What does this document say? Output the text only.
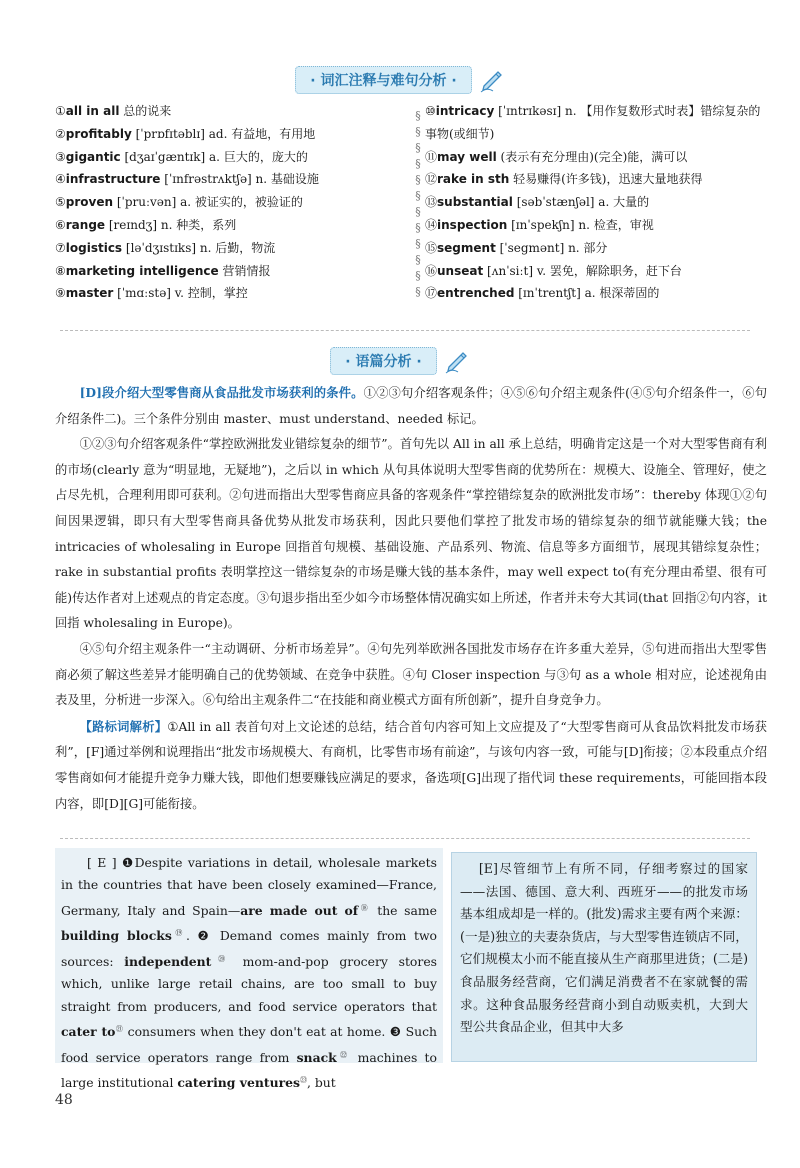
· 词汇注释与难句分析 ·
①all in all 总的说来
②profitably [ˈprɒfɪtəblɪ] ad. 有益地，有用地
③gigantic [dʒaɪˈgæntɪk] a. 巨大的，庞大的
④infrastructure [ˈɪnfrəstrʌktʃə] n. 基础设施
⑤proven [ˈpruːvən] a. 被证实的，被验证的
⑥range [reɪndʒ] n. 种类，系列
⑦logistics [ləˈdʒɪstɪks] n. 后勤，物流
⑧marketing intelligence 营销情报
⑨master [ˈmɑːstə] v. 控制，掌控
§
§
§
§
§
§
§
§
§
§
§
§
⑩intricacy [ˈɪntrɪkəsɪ] n. 【用作复数形式时表】错综复杂的事物(或细节)
⑪may well (表示有充分理由)(完全)能，满可以
⑫rake in sth 轻易赚得(许多钱)，迅速大量地获得
⑬substantial [səbˈstænʃəl] a. 大量的
⑭inspection [ɪnˈspekʃn] n. 检查，审视
⑮segment [ˈsegmənt] n. 部分
⑯unseat [ʌnˈsiːt] v. 罢免，解除职务，赶下台
⑰entrenched [ɪnˈtrentʃt] a. 根深蒂固的
· 语篇分析 ·

[D]段介绍大型零售商从食品批发市场获利的条件。①②③句介绍客观条件；④⑤⑥句介绍主观条件(④⑤句介绍条件一，⑥句介绍条件二)。三个条件分别由 master、must understand、needed 标记。

①②③句介绍客观条件“掌控欧洲批发业错综复杂的细节”。首句先以 All in all 承上总结，明确肯定这是一个对大型零售商有利的市场(clearly 意为“明显地，无疑地”)，之后以 in which 从句具体说明大型零售商的优势所在：规模大、设施全、管理好，使之占尽先机，合理利用即可获利。②句进而指出大型零售商应具备的客观条件“掌控错综复杂的欧洲批发市场”：thereby 体现①②句间因果逻辑，即只有大型零售商具备优势从批发市场获利，因此只要他们掌控了批发市场的错综复杂的细节就能赚大钱；the intricacies of wholesaling in Europe 回指首句规模、基础设施、产品系列、物流、信息等多方面细节，展现其错综复杂性；rake in substantial profits 表明掌控这一错综复杂的市场是赚大钱的基本条件，may well expect to(有充分理由希望、很有可能)传达作者对上述观点的肯定态度。③句退步指出至少如今市场整体情况确实如上所述，作者并未夸大其词(that 回指②句内容，it 回指 wholesaling in Europe)。

④⑤句介绍主观条件一“主动调研、分析市场差异”。④句先列举欧洲各国批发市场存在许多重大差异，⑤句进而指出大型零售商必须了解这些差异才能明确自己的优势领域、在竞争中获胜。④句 Closer inspection 与③句 as a whole 相对应，论述视角由表及里，分析进一步深入。⑥句给出主观条件二“在技能和商业模式方面有所创新”，提升自身竞争力。

【路标词解析】①All in all 表首句对上文论述的总结，结合首句内容可知上文应提及了“大型零售商可从食品饮料批发市场获利”，[F]通过举例和说理指出“批发市场规模大、有商机，比零售市场有前途”，与该句内容一致，可能与[D]衔接；②本段重点介绍零售商如何才能提升竞争力赚大钱，即他们想要赚钱应满足的要求，备选项[G]出现了指代词 these requirements，可能回指本段内容，即[D][G]可能衔接。

[ E ] ❶Despite variations in detail, wholesale markets in the countries that have been closely examined—France, Germany, Italy and Spain—are made out of⑱ the same building blocks⑲. ❷ Demand comes mainly from two sources: independent⑳ mom-and-pop grocery stores which, unlike large retail chains, are too small to buy straight from producers, and food service operators that cater $to^㉑$ consumers when they don't eat at home. ❸ Such food service operators range from snack$^㉒$ machines to large institutional catering ventures$^㉓$, but
[E]尽管细节上有所不同，仔细考察过的国家——法国、德国、意大利、西班牙——的批发市场基本组成却是一样的。(批发)需求主要有两个来源：(一是)独立的夫妻杂货店，与大型零售连锁店不同，它们规模太小而不能直接从生产商那里进货；(二是)食品服务经营商，它们满足消费者不在家就餐的需求。这种食品服务经营商小到自动贩卖机，大到大型公共食品企业，但其中大多
48
